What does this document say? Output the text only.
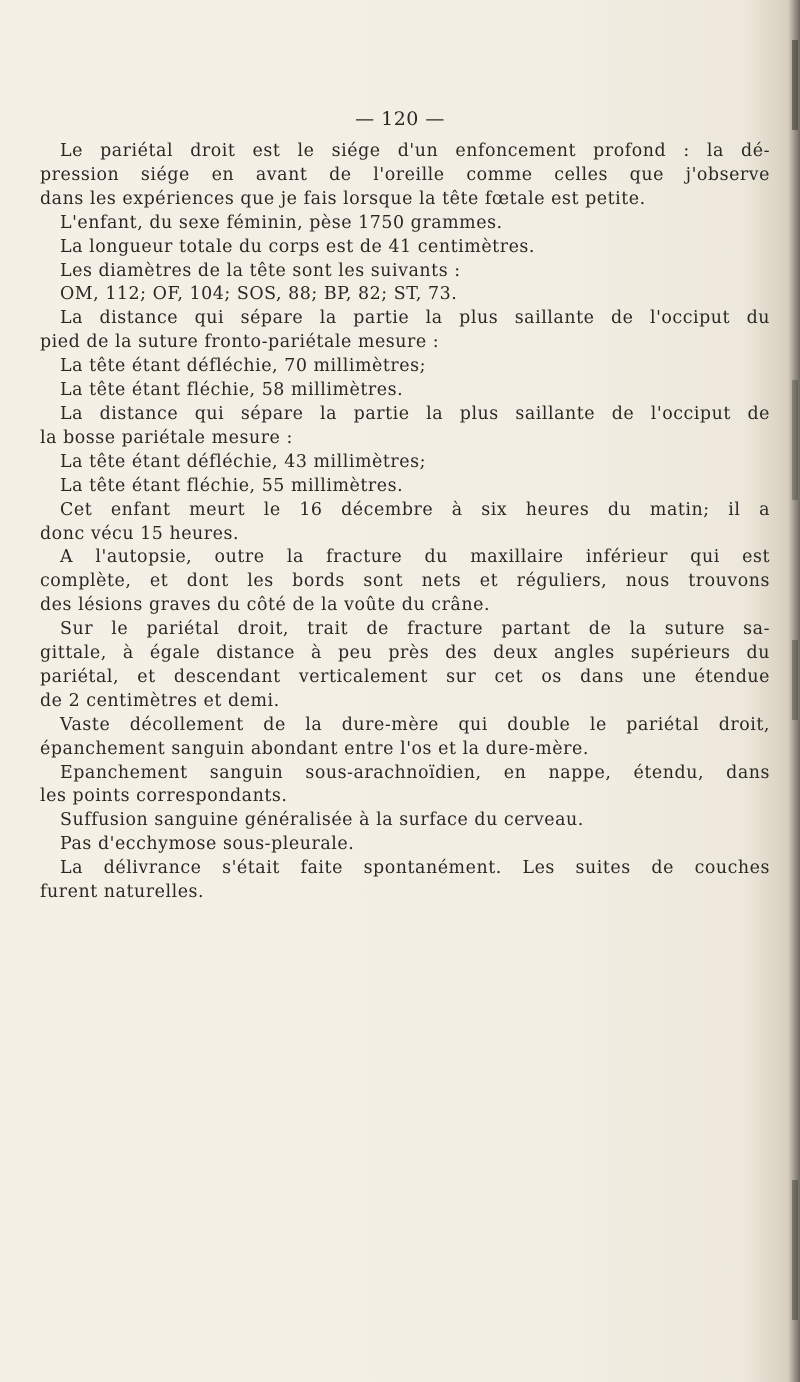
— 120 —
Le pariétal droit est le siége d'un enfoncement profond : la dé-
pression siége en avant de l'oreille comme celles que j'observe
dans les expériences que je fais lorsque la tête fœtale est petite.
L'enfant, du sexe féminin, pèse 1750 grammes.
La longueur totale du corps est de 41 centimètres.
Les diamètres de la tête sont les suivants :
OM, 112; OF, 104; SOS, 88; BP, 82; ST, 73.
La distance qui sépare la partie la plus saillante de l'occiput du
pied de la suture fronto-pariétale mesure :
La tête étant défléchie, 70 millimètres;
La tête étant fléchie, 58 millimètres.
La distance qui sépare la partie la plus saillante de l'occiput de
la bosse pariétale mesure :
La tête étant défléchie, 43 millimètres;
La tête étant fléchie, 55 millimètres.
Cet enfant meurt le 16 décembre à six heures du matin; il a
donc vécu 15 heures.
A l'autopsie, outre la fracture du maxillaire inférieur qui est
complète, et dont les bords sont nets et réguliers, nous trouvons
des lésions graves du côté de la voûte du crâne.
Sur le pariétal droit, trait de fracture partant de la suture sa-
gittale, à égale distance à peu près des deux angles supérieurs du
pariétal, et descendant verticalement sur cet os dans une étendue
de 2 centimètres et demi.
Vaste décollement de la dure-mère qui double le pariétal droit,
épanchement sanguin abondant entre l'os et la dure-mère.
Epanchement sanguin sous-arachnoïdien, en nappe, étendu, dans
les points correspondants.
Suffusion sanguine généralisée à la surface du cerveau.
Pas d'ecchymose sous-pleurale.
La délivrance s'était faite spontanément. Les suites de couches
furent naturelles.
